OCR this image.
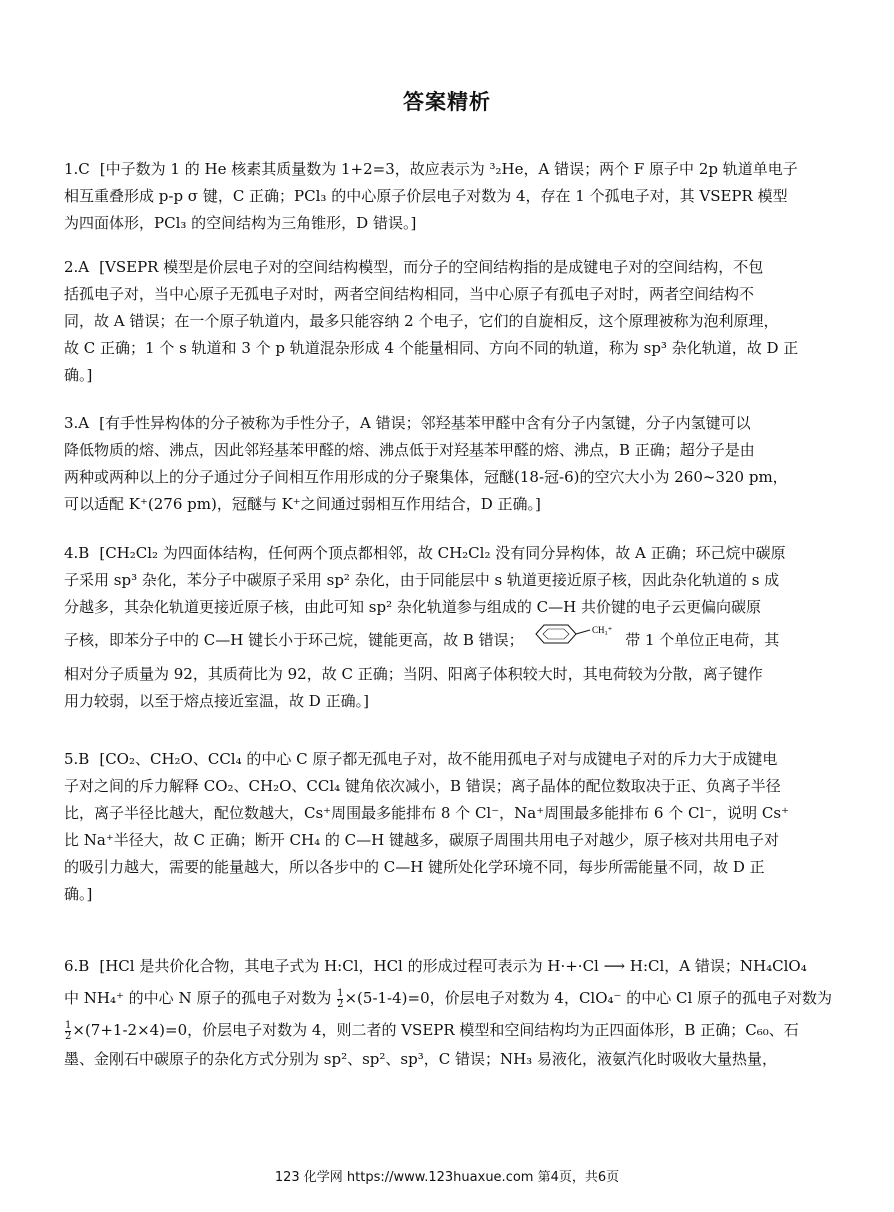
答案精析

1.C [中子数为 1 的 He 核素其质量数为 1+2=3，故应表示为 ³₂He，A 错误；两个 F 原子中 2p 轨道单电子

相互重叠形成 p-p σ 键，C 正确；PCl₃ 的中心原子价层电子对数为 4，存在 1 个孤电子对，其 VSEPR 模型

为四面体形，PCl₃ 的空间结构为三角锥形，D 错误。]

2.A [VSEPR 模型是价层电子对的空间结构模型，而分子的空间结构指的是成键电子对的空间结构，不包

括孤电子对，当中心原子无孤电子对时，两者空间结构相同，当中心原子有孤电子对时，两者空间结构不

同，故 A 错误；在一个原子轨道内，最多只能容纳 2 个电子，它们的自旋相反，这个原理被称为泡利原理，

故 C 正确；1 个 s 轨道和 3 个 p 轨道混杂形成 4 个能量相同、方向不同的轨道，称为 sp³ 杂化轨道，故 D 正

确。]

3.A [有手性异构体的分子被称为手性分子，A 错误；邻羟基苯甲醛中含有分子内氢键，分子内氢键可以

降低物质的熔、沸点，因此邻羟基苯甲醛的熔、沸点低于对羟基苯甲醛的熔、沸点，B 正确；超分子是由

两种或两种以上的分子通过分子间相互作用形成的分子聚集体，冠醚(18-冠-6)的空穴大小为 260~320 pm，

可以适配 K⁺(276 pm)，冠醚与 K⁺之间通过弱相互作用结合，D 正确。]

4.B [CH₂Cl₂ 为四面体结构，任何两个顶点都相邻，故 CH₂Cl₂ 没有同分异构体，故 A 正确；环己烷中碳原

子采用 sp³ 杂化，苯分子中碳原子采用 sp² 杂化，由于同能层中 s 轨道更接近原子核，因此杂化轨道的 s 成

分越多，其杂化轨道更接近原子核，由此可知 sp² 杂化轨道参与组成的 C—H 共价键的电子云更偏向碳原

子核，即苯分子中的 C—H 键长小于环己烷，键能更高，故 B 错误；
CH₃⁺
带 1 个单位正电荷，其

相对分子质量为 92，其质荷比为 92，故 C 正确；当阴、阳离子体积较大时，其电荷较为分散，离子键作

用力较弱，以至于熔点接近室温，故 D 正确。]

5.B [CO₂、CH₂O、CCl₄ 的中心 C 原子都无孤电子对，故不能用孤电子对与成键电子对的斥力大于成键电

子对之间的斥力解释 CO₂、CH₂O、CCl₄ 键角依次减小，B 错误；离子晶体的配位数取决于正、负离子半径

比，离子半径比越大，配位数越大，Cs⁺周围最多能排布 8 个 Cl⁻，Na⁺周围最多能排布 6 个 Cl⁻，说明 Cs⁺

比 Na⁺半径大，故 C 正确；断开 CH₄ 的 C—H 键越多，碳原子周围共用电子对越少，原子核对共用电子对

的吸引力越大，需要的能量越大，所以各步中的 C—H 键所处化学环境不同，每步所需能量不同，故 D 正

确。]

6.B [HCl 是共价化合物，其电子式为 H:Cl，HCl 的形成过程可表示为 H·+·Cl ⟶ H:Cl，A 错误；NH₄ClO₄

中 NH₄⁺ 的中心 N 原子的孤电子对数为 $\frac{1}{2} \times(5-1-4)=0$，价层电子对数为 4，ClO₄⁻ 的中心 Cl 原子的孤电子对数为

$\frac{1}{2} \times(7+1-2\times 4)=0$，价层电子对数为 4，则二者的 VSEPR 模型和空间结构均为正四面体形，B 正确；C₆₀、石

墨、金刚石中碳原子的杂化方式分别为 sp²、sp²、sp³，C 错误；NH₃ 易液化，液氨汽化时吸收大量热量，

123 化学网 https://www.123huaxue.com 第4页，共6页
